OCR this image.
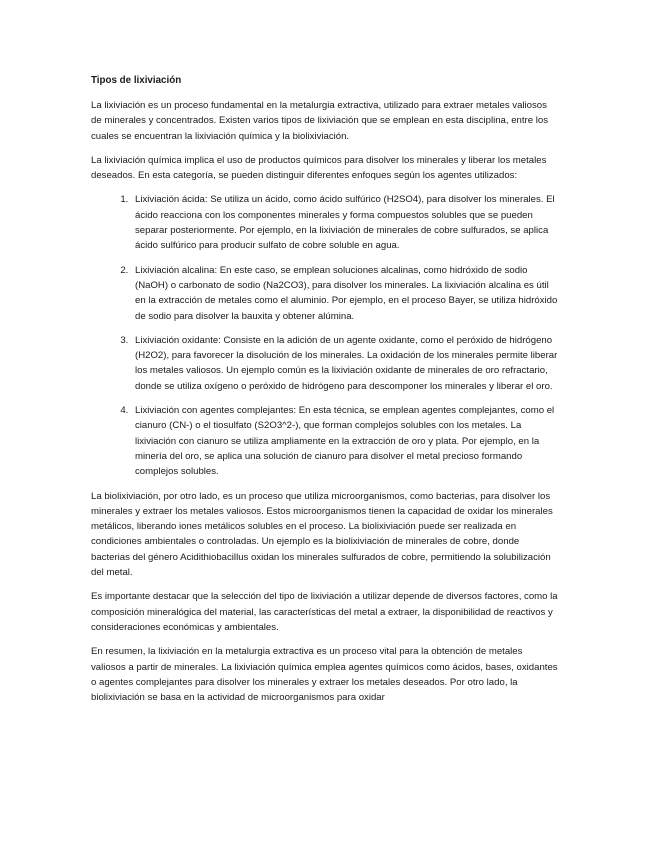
Tipos de lixiviación

La lixiviación es un proceso fundamental en la metalurgia extractiva, utilizado para extraer metales valiosos de minerales y concentrados. Existen varios tipos de lixiviación que se emplean en esta disciplina, entre los cuales se encuentran la lixiviación química y la biolixiviación.

La lixiviación química implica el uso de productos químicos para disolver los minerales y liberar los metales deseados. En esta categoría, se pueden distinguir diferentes enfoques según los agentes utilizados:

1. Lixiviación ácida: Se utiliza un ácido, como ácido sulfúrico (H2SO4), para disolver los minerales. El ácido reacciona con los componentes minerales y forma compuestos solubles que se pueden separar posteriormente. Por ejemplo, en la lixiviación de minerales de cobre sulfurados, se aplica ácido sulfúrico para producir sulfato de cobre soluble en agua.
2. Lixiviación alcalina: En este caso, se emplean soluciones alcalinas, como hidróxido de sodio (NaOH) o carbonato de sodio (Na2CO3), para disolver los minerales. La lixiviación alcalina es útil en la extracción de metales como el aluminio. Por ejemplo, en el proceso Bayer, se utiliza hidróxido de sodio para disolver la bauxita y obtener alúmina.
3. Lixiviación oxidante: Consiste en la adición de un agente oxidante, como el peróxido de hidrógeno (H2O2), para favorecer la disolución de los minerales. La oxidación de los minerales permite liberar los metales valiosos. Un ejemplo común es la lixiviación oxidante de minerales de oro refractario, donde se utiliza oxígeno o peróxido de hidrógeno para descomponer los minerales y liberar el oro.
4. Lixiviación con agentes complejantes: En esta técnica, se emplean agentes complejantes, como el cianuro (CN-) o el tiosulfato (S2O3^2-), que forman complejos solubles con los metales. La lixiviación con cianuro se utiliza ampliamente en la extracción de oro y plata. Por ejemplo, en la minería del oro, se aplica una solución de cianuro para disolver el metal precioso formando complejos solubles.

La biolixiviación, por otro lado, es un proceso que utiliza microorganismos, como bacterias, para disolver los minerales y extraer los metales valiosos. Estos microorganismos tienen la capacidad de oxidar los minerales metálicos, liberando iones metálicos solubles en el proceso. La biolixiviación puede ser realizada en condiciones ambientales o controladas. Un ejemplo es la biolixiviación de minerales de cobre, donde bacterias del género Acidithiobacillus oxidan los minerales sulfurados de cobre, permitiendo la solubilización del metal.

Es importante destacar que la selección del tipo de lixiviación a utilizar depende de diversos factores, como la composición mineralógica del material, las características del metal a extraer, la disponibilidad de reactivos y consideraciones económicas y ambientales.

En resumen, la lixiviación en la metalurgia extractiva es un proceso vital para la obtención de metales valiosos a partir de minerales. La lixiviación química emplea agentes químicos como ácidos, bases, oxidantes o agentes complejantes para disolver los minerales y extraer los metales deseados. Por otro lado, la biolixiviación se basa en la actividad de microorganismos para oxidar
